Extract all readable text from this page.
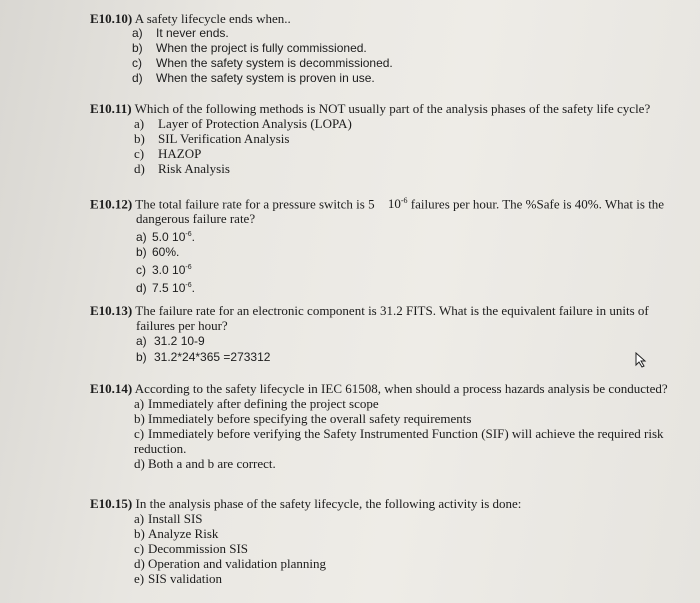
E10.10) A safety lifecycle ends when..
a) It never ends.
b) When the project is fully commissioned.
c) When the safety system is decommissioned.
d) When the safety system is proven in use.
E10.11) Which of the following methods is NOT usually part of the analysis phases of the safety life cycle?
a) Layer of Protection Analysis (LOPA)
b) SIL Verification Analysis
c) HAZOP
d) Risk Analysis
E10.12) The total failure rate for a pressure switch is 5 $10^{-6}$ failures per hour. The %Safe is 40%. What is the
dangerous failure rate?
a) 5.0 $10^{-6}$.
b) 60%.
c) 3.0 $10^{-6}$
d) 7.5 $10^{-6}$.
E10.13) The failure rate for an electronic component is 31.2 FITS. What is the equivalent failure in units of
failures per hour?
a) 31.2 10-9
b) 31.2*24*365 =273312
E10.14) According to the safety lifecycle in IEC 61508, when should a process hazards analysis be conducted?
a) Immediately after defining the project scope
b) Immediately before specifying the overall safety requirements
c) Immediately before verifying the Safety Instrumented Function (SIF) will achieve the required risk
reduction.
d) Both a and b are correct.
E10.15) In the analysis phase of the safety lifecycle, the following activity is done:
a) Install SIS
b) Analyze Risk
c) Decommission SIS
d) Operation and validation planning
e) SIS validation
